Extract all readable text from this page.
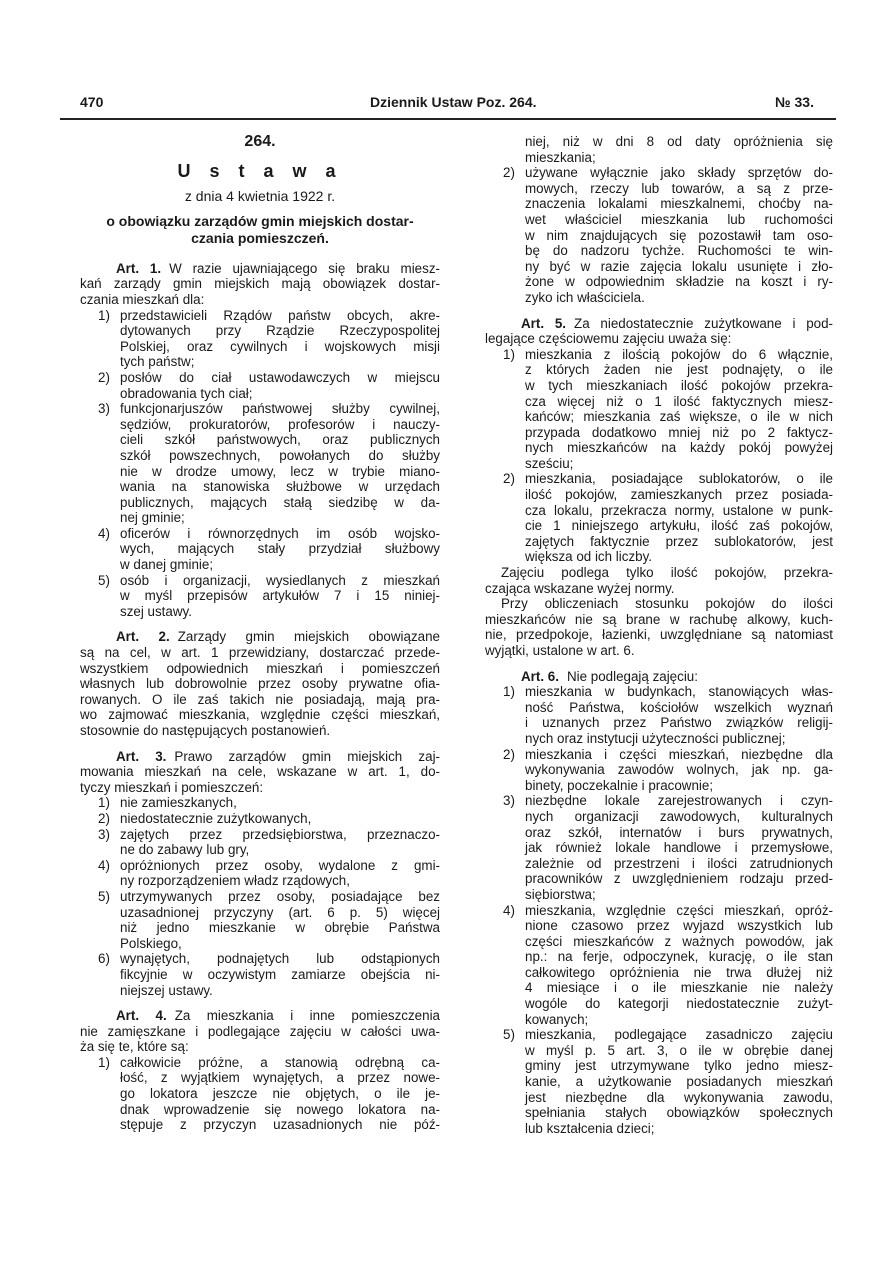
470	Dziennik Ustaw Poz. 264.	№ 33.
264.
U s t a w a
z dnia 4 kwietnia 1922 r.
o obowiązku zarządów gmin miejskich dostar-
czania pomieszczeń.
Art. 1. W razie ujawniającego się braku miesz-
kań zarządy gmin miejskich mają obowiązek dostar-
czania mieszkań dla:
1) przedstawicieli Rządów państw obcych, akre-
dytowanych przy Rządzie Rzeczypospolitej
Polskiej, oraz cywilnych i wojskowych misji
tych państw;
2) posłów do ciał ustawodawczych w miejscu
obradowania tych ciał;
3) funkcjonarjuszów państwowej służby cywilnej,
sędziów, prokuratorów, profesorów i nauczy-
cieli szkół państwowych, oraz publicznych
szkół powszechnych, powołanych do służby
nie w drodze umowy, lecz w trybie miano-
wania na stanowiska służbowe w urzędach
publicznych, mających stałą siedzibę w da-
nej gminie;
4) oficerów i równorzędnych im osób wojsko-
wych, mających stały przydział służbowy
w danej gminie;
5) osób i organizacji, wysiedlanych z mieszkań
w myśl przepisów artykułów 7 i 15 niniej-
szej ustawy.
Art. 2. Zarządy gmin miejskich obowiązane
są na cel, w art. 1 przewidziany, dostarczać przede-
wszystkiem odpowiednich mieszkań i pomieszczeń
własnych lub dobrowolnie przez osoby prywatne ofia-
rowanych. O ile zaś takich nie posiadają, mają pra-
wo zajmować mieszkania, względnie części mieszkań,
stosownie do następujących postanowień.
Art. 3. Prawo zarządów gmin miejskich zaj-
mowania mieszkań na cele, wskazane w art. 1, do-
tyczy mieszkań i pomieszczeń:
1) nie zamieszkanych,
2) niedostatecznie zużytkowanych,
3) zajętych przez przedsiębiorstwa, przeznaczo-
ne do zabawy lub gry,
4) opróżnionych przez osoby, wydalone z gmi-
ny rozporządzeniem władz rządowych,
5) utrzymywanych przez osoby, posiadające bez
uzasadnionej przyczyny (art. 6 p. 5) więcej
niż jedno mieszkanie w obrębie Państwa
Polskiego,
6) wynajętych, podnajętych lub odstąpionych
fikcyjnie w oczywistym zamiarze obejścia ni-
niejszej ustawy.
Art. 4. Za mieszkania i inne pomieszczenia
nie zamięszkane i podlegające zajęciu w całości uwa-
ża się te, które są:
1) całkowicie próżne, a stanowią odrębną ca-
łość, z wyjątkiem wynajętych, a przez nowe-
go lokatora jeszcze nie objętych, o ile je-
dnak wprowadzenie się nowego lokatora na-
stępuje z przyczyn uzasadnionych nie póź-
niej, niż w dni 8 od daty opróżnienia się
mieszkania;
2) używane wyłącznie jako składy sprzętów do-
mowych, rzeczy lub towarów, a są z prze-
znaczenia lokalami mieszkalnemi, choćby na-
wet właściciel mieszkania lub ruchomości
w nim znajdujących się pozostawił tam oso-
bę do nadzoru tychże. Ruchomości te win-
ny być w razie zajęcia lokalu usunięte i zło-
żone w odpowiednim składzie na koszt i ry-
zyko ich właściciela.
Art. 5. Za niedostatecznie zużytkowane i pod-
legające częściowemu zajęciu uważa się:
1) mieszkania z ilością pokojów do 6 włącznie,
z których żaden nie jest podnajęty, o ile
w tych mieszkaniach ilość pokojów przekra-
cza więcej niż o 1 ilość faktycznych miesz-
kańców; mieszkania zaś większe, o ile w nich
przypada dodatkowo mniej niż po 2 faktycz-
nych mieszkańców na każdy pokój powyżej
sześciu;
2) mieszkania, posiadające sublokatorów, o ile
ilość pokojów, zamieszkanych przez posiada-
cza lokalu, przekracza normy, ustalone w punk-
cie 1 niniejszego artykułu, ilość zaś pokojów,
zajętych faktycznie przez sublokatorów, jest
większa od ich liczby.
Zajęciu podlega tylko ilość pokojów, przekra-
czająca wskazane wyżej normy.
Przy obliczeniach stosunku pokojów do ilości
mieszkańców nie są brane w rachubę alkowy, kuch-
nie, przedpokoje, łazienki, uwzględniane są natomiast
wyjątki, ustalone w art. 6.
Art. 6. Nie podlegają zajęciu:
1) mieszkania w budynkach, stanowiących włas-
ność Państwa, kościołów wszelkich wyznań
i uznanych przez Państwo związków religij-
nych oraz instytucji użyteczności publicznej;
2) mieszkania i części mieszkań, niezbędne dla
wykonywania zawodów wolnych, jak np. ga-
binety, poczekalnie i pracownie;
3) niezbędne lokale zarejestrowanych i czyn-
nych organizacji zawodowych, kulturalnych
oraz szkół, internatów i burs prywatnych,
jak również lokale handlowe i przemysłowe,
zależnie od przestrzeni i ilości zatrudnionych
pracowników z uwzględnieniem rodzaju przed-
siębiorstwa;
4) mieszkania, względnie części mieszkań, opróż-
nione czasowo przez wyjazd wszystkich lub
części mieszkańców z ważnych powodów, jak
np.: na ferje, odpoczynek, kurację, o ile stan
całkowitego opróżnienia nie trwa dłużej niż
4 miesiące i o ile mieszkanie nie należy
wogóle do kategorji niedostatecznie zużyt-
kowanych;
5) mieszkania, podlegające zasadniczo zajęciu
w myśl p. 5 art. 3, o ile w obrębie danej
gminy jest utrzymywane tylko jedno miesz-
kanie, a użytkowanie posiadanych mieszkań
jest niezbędne dla wykonywania zawodu,
spełniania stałych obowiązków społecznych
lub kształcenia dzieci;
